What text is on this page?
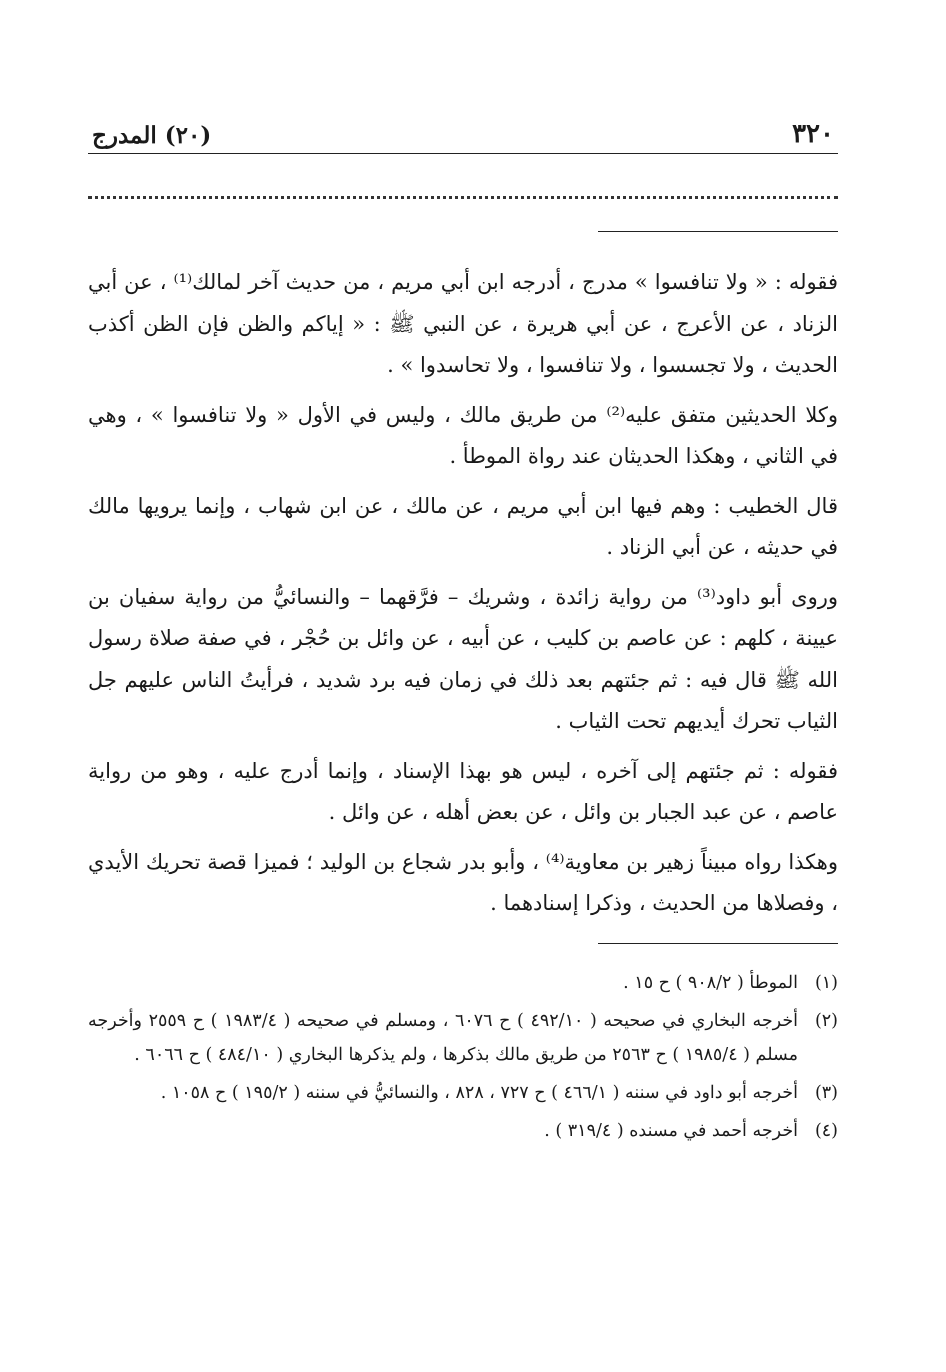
٣٢٠
(٢٠) المدرج

فقوله : « ولا تنافسوا » مدرج ، أدرجه ابن أبي مريم ، من حديث آخر لمالك⁽¹⁾ ، عن أبي الزناد ، عن الأعرج ، عن أبي هريرة ، عن النبي ﷺ : « إياكم والظن فإن الظن أكذب الحديث ، ولا تجسسوا ، ولا تنافسوا ، ولا تحاسدوا » .

وكلا الحديثين متفق عليه⁽²⁾ من طريق مالك ، وليس في الأول « ولا تنافسوا » ، وهي في الثاني ، وهكذا الحديثان عند رواة الموطأ .

قال الخطيب : وهم فيها ابن أبي مريم ، عن مالك ، عن ابن شهاب ، وإنما يرويها مالك في حديثه ، عن أبي الزناد .

وروى أبو داود⁽³⁾ من رواية زائدة ، وشريك – فرَّقهما – والنسائيُّ من رواية سفيان بن عيينة ، كلهم : عن عاصم بن كليب ، عن أبيه ، عن وائل بن حُجْر ، في صفة صلاة رسول الله ﷺ قال فيه : ثم جئتهم بعد ذلك في زمان فيه برد شديد ، فرأيتُ الناس عليهم جل الثياب تحرك أيديهم تحت الثياب .

فقوله : ثم جئتهم إلى آخره ، ليس هو بهذا الإسناد ، وإنما أدرج عليه ، وهو من رواية عاصم ، عن عبد الجبار بن وائل ، عن بعض أهله ، عن وائل .

وهكذا رواه مبيناً زهير بن معاوية⁽⁴⁾ ، وأبو بدر شجاع بن الوليد ؛ فميزا قصة تحريك الأيدي ، وفصلاها من الحديث ، وذكرا إسنادهما .

(١)
الموطأ ( ٩٠٨/٢ ) ح ١٥ .
(٢)
أخرجه البخاري في صحيحه ( ٤٩٢/١٠ ) ح ٦٠٧٦ ، ومسلم في صحيحه ( ١٩٨٣/٤ ) ح ٢٥٥٩ وأخرجه مسلم ( ١٩٨٥/٤ ) ح ٢٥٦٣ من طريق مالك بذكرها ، ولم يذكرها البخاري ( ٤٨٤/١٠ ) ح ٦٠٦٦ .
(٣)
أخرجه أبو داود في سننه ( ٤٦٦/١ ) ح ٧٢٧ ، ٨٢٨ ، والنسائيُّ في سننه ( ١٩٥/٢ ) ح ١٠٥٨ .
(٤)
أخرجه أحمد في مسنده ( ٣١٩/٤ ) .
